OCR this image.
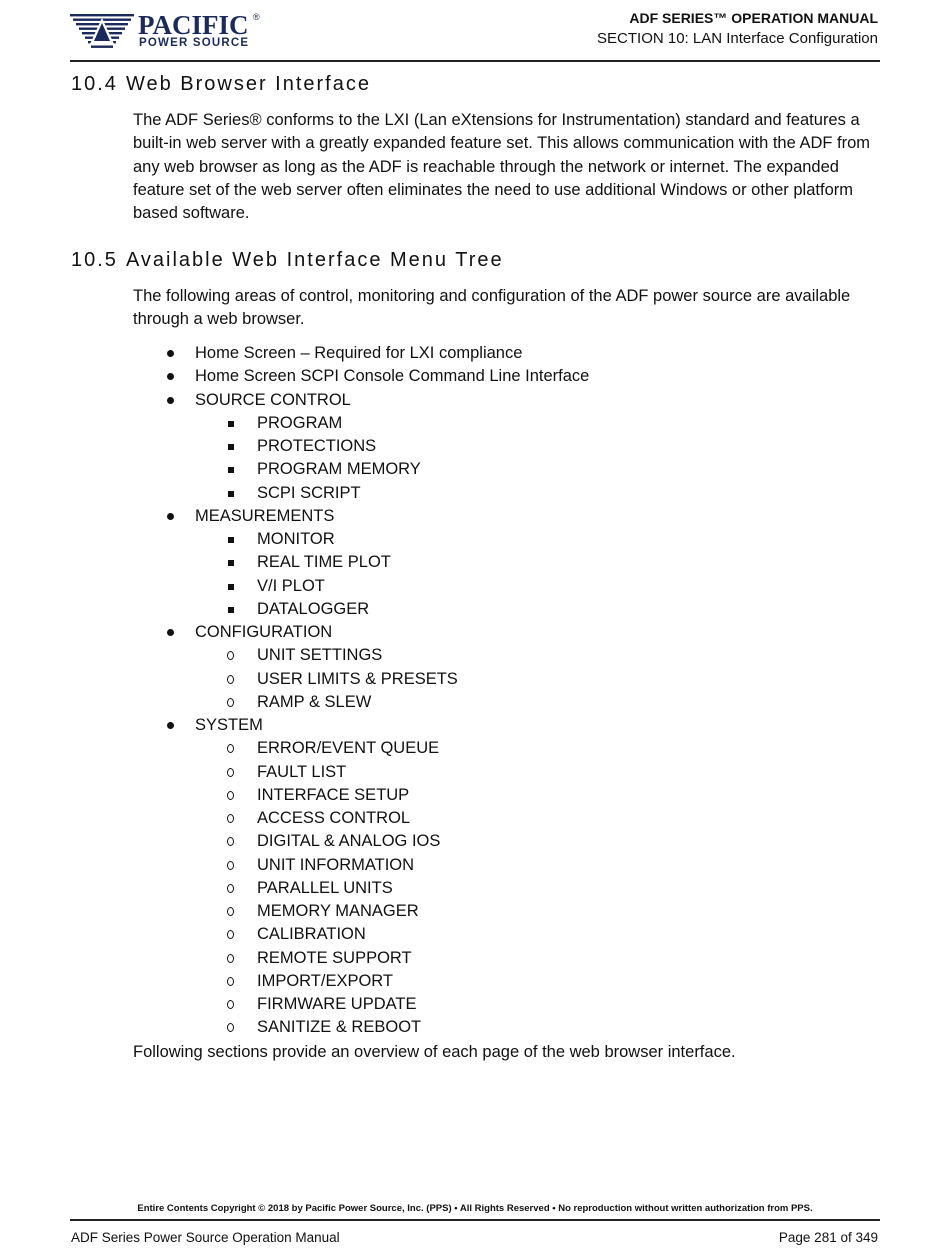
PACIFIC ®
POWER SOURCE
ADF SERIES™ OPERATION MANUAL
SECTION 10: LAN Interface Configuration
10.4 Web Browser Interface

The ADF Series® conforms to the LXI (Lan eXtensions for Instrumentation) standard and features a built-in web server with a greatly expanded feature set. This allows communication with the ADF from any web browser as long as the ADF is reachable through the network or internet. The expanded feature set of the web server often eliminates the need to use additional Windows or other platform based software.

10.5 Available Web Interface Menu Tree

The following areas of control, monitoring and configuration of the ADF power source are available through a web browser.

Home Screen – Required for LXI compliance
Home Screen SCPI Console Command Line Interface
SOURCE CONTROL
PROGRAM
PROTECTIONS
PROGRAM MEMORY
SCPI SCRIPT
MEASUREMENTS
MONITOR
REAL TIME PLOT
V/I PLOT
DATALOGGER
CONFIGURATION
UNIT SETTINGS
USER LIMITS & PRESETS
RAMP & SLEW
SYSTEM
ERROR/EVENT QUEUE
FAULT LIST
INTERFACE SETUP
ACCESS CONTROL
DIGITAL & ANALOG IOS
UNIT INFORMATION
PARALLEL UNITS
MEMORY MANAGER
CALIBRATION
REMOTE SUPPORT
IMPORT/EXPORT
FIRMWARE UPDATE
SANITIZE & REBOOT

Following sections provide an overview of each page of the web browser interface.

Entire Contents Copyright © 2018 by Pacific Power Source, Inc. (PPS) • All Rights Reserved • No reproduction without written authorization from PPS.
ADF Series Power Source Operation Manual	Page 281 of 349
